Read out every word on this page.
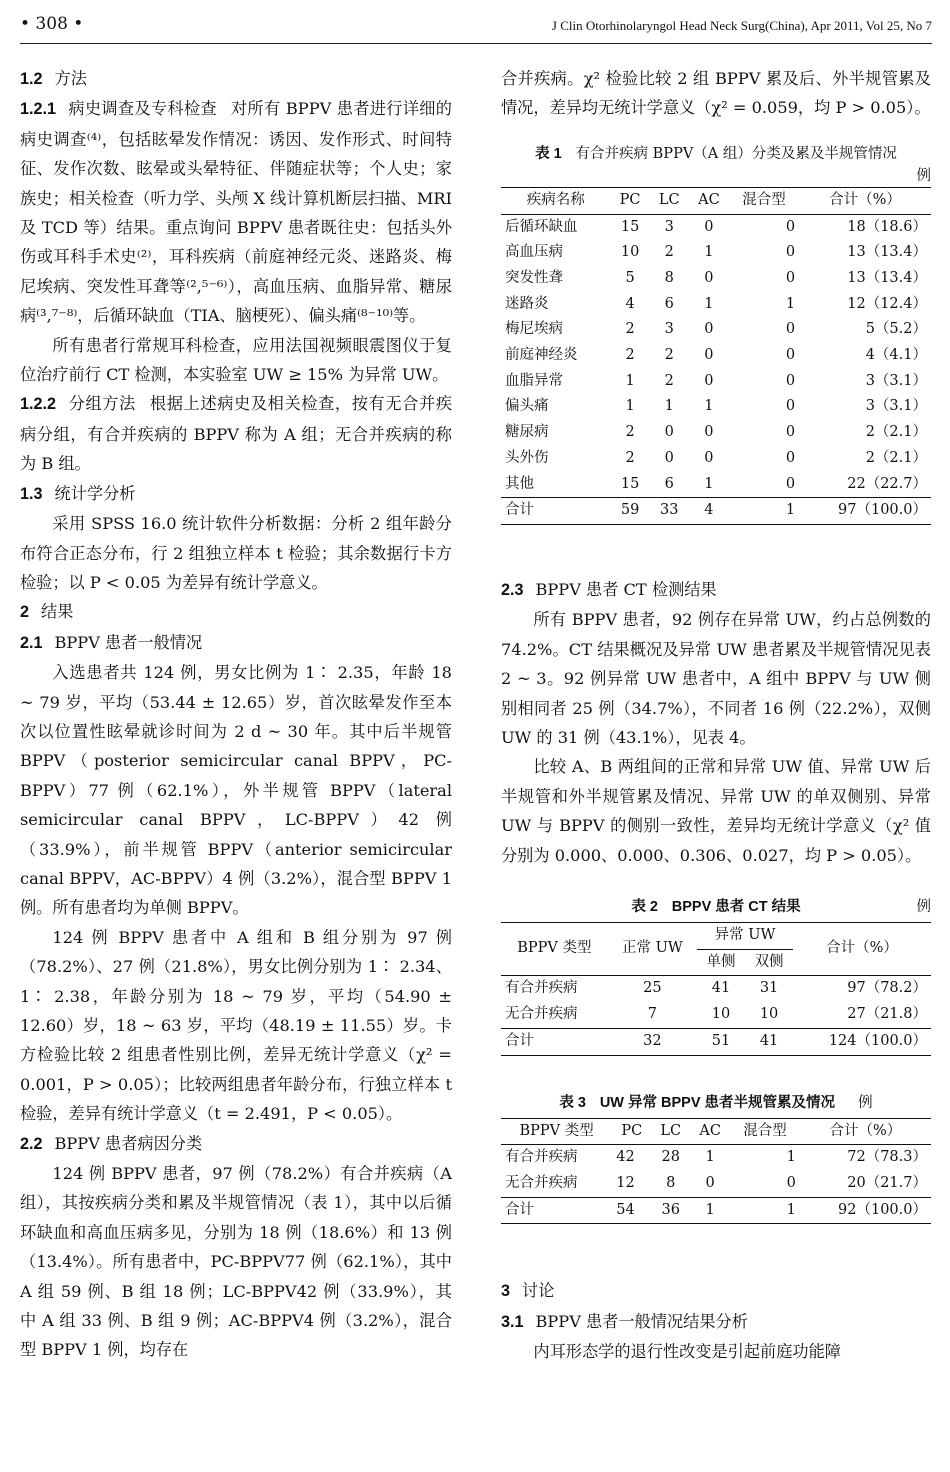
• 308 •	J Clin Otorhinolaryngol Head Neck Surg(China), Apr 2011, Vol 25, No 7

1.2 方法

1.2.1 病史调查及专科检查 对所有 BPPV 患者进行详细的病史调查⁽⁴⁾，包括眩晕发作情况：诱因、发作形式、时间特征、发作次数、眩晕或头晕特征、伴随症状等；个人史；家族史；相关检查（听力学、头颅 X 线计算机断层扫描、MRI 及 TCD 等）结果。重点询问 BPPV 患者既往史：包括头外伤或耳科手术史⁽²⁾，耳科疾病（前庭神经元炎、迷路炎、梅尼埃病、突发性耳聋等⁽²,⁵⁻⁶⁾），高血压病、血脂异常、糖尿病⁽³,⁷⁻⁸⁾，后循环缺血（TIA、脑梗死）、偏头痛⁽⁸⁻¹⁰⁾等。

所有患者行常规耳科检查，应用法国视频眼震图仪于复位治疗前行 CT 检测，本实验室 UW ≥ 15% 为异常 UW。

1.2.2 分组方法 根据上述病史及相关检查，按有无合并疾病分组，有合并疾病的 BPPV 称为 A 组；无合并疾病的称为 B 组。

1.3 统计学分析

采用 SPSS 16.0 统计软件分析数据：分析 2 组年龄分布符合正态分布，行 2 组独立样本 t 检验；其余数据行卡方检验；以 P < 0.05 为差异有统计学意义。

2 结果

2.1 BPPV 患者一般情况

入选患者共 124 例，男女比例为 1∶ 2.35，年龄 18 ~ 79 岁，平均（53.44 ± 12.65）岁，首次眩晕发作至本次以位置性眩晕就诊时间为 2 d ~ 30 年。其中后半规管 BPPV（posterior semicircular canal BPPV，PC-BPPV）77 例（62.1%），外半规管 BPPV（lateral semicircular canal BPPV，LC-BPPV）42 例（33.9%），前半规管 BPPV（anterior semicircular canal BPPV，AC-BPPV）4 例（3.2%），混合型 BPPV 1 例。所有患者均为单侧 BPPV。

124 例 BPPV 患者中 A 组和 B 组分别为 97 例（78.2%）、27 例（21.8%），男女比例分别为 1∶ 2.34、1∶ 2.38，年龄分别为 18 ~ 79 岁，平均（54.90 ± 12.60）岁，18 ~ 63 岁，平均（48.19 ± 11.55）岁。卡方检验比较 2 组患者性别比例，差异无统计学意义（χ² = 0.001，P > 0.05）；比较两组患者年龄分布，行独立样本 t 检验，差异有统计学意义（t = 2.491，P < 0.05）。

2.2 BPPV 患者病因分类

124 例 BPPV 患者，97 例（78.2%）有合并疾病（A 组），其按疾病分类和累及半规管情况（表 1），其中以后循环缺血和高血压病多见，分别为 18 例（18.6%）和 13 例（13.4%）。所有患者中，PC-BPPV77 例（62.1%），其中 A 组 59 例、B 组 18 例；LC-BPPV42 例（33.9%），其中 A 组 33 例、B 组 9 例；AC-BPPV4 例（3.2%），混合型 BPPV 1 例，均存在

合并疾病。χ² 检验比较 2 组 BPPV 累及后、外半规管累及情况，差异均无统计学意义（χ² = 0.059，均 P > 0.05）。

表 1 有合并疾病 BPPV（A 组）分类及累及半规管情况
例
疾病名称	PC	LC	AC	混合型	合计（%）
后循环缺血	15	3	0	0	18（18.6）
高血压病	10	2	1	0	13（13.4）
突发性聋	5	8	0	0	13（13.4）
迷路炎	4	6	1	1	12（12.4）
梅尼埃病	2	3	0	0	5（5.2）
前庭神经炎	2	2	0	0	4（4.1）
血脂异常	1	2	0	0	3（3.1）
偏头痛	1	1	1	0	3（3.1）
糖尿病	2	0	0	0	2（2.1）
头外伤	2	0	0	0	2（2.1）
其他	15	6	1	0	22（22.7）
合计	59	33	4	1	97（100.0）

2.3 BPPV 患者 CT 检测结果

所有 BPPV 患者，92 例存在异常 UW，约占总例数的 74.2%。CT 结果概况及异常 UW 患者累及半规管情况见表 2 ~ 3。92 例异常 UW 患者中，A 组中 BPPV 与 UW 侧别相同者 25 例（34.7%），不同者 16 例（22.2%），双侧 UW 的 31 例（43.1%），见表 4。

比较 A、B 两组间的正常和异常 UW 值、异常 UW 后半规管和外半规管累及情况、异常 UW 的单双侧别、异常 UW 与 BPPV 的侧别一致性，差异均无统计学意义（χ² 值分别为 0.000、0.000、0.306、0.027，均 P > 0.05）。

表 2 BPPV 患者 CT 结果	例
BPPV 类型	正常 UW	异常 UW		合计（%）
		单侧	双侧	
有合并疾病	25	41	31	97（78.2）
无合并疾病	7	10	10	27（21.8）
合计	32	51	41	124（100.0）
表 3 UW 异常 BPPV 患者半规管累及情况 例
BPPV 类型	PC	LC	AC	混合型	合计（%）
有合并疾病	42	28	1	1	72（78.3）
无合并疾病	12	8	0	0	20（21.7）
合计	54	36	1	1	92（100.0）

3 讨论

3.1 BPPV 患者一般情况结果分析

内耳形态学的退行性改变是引起前庭功能障
